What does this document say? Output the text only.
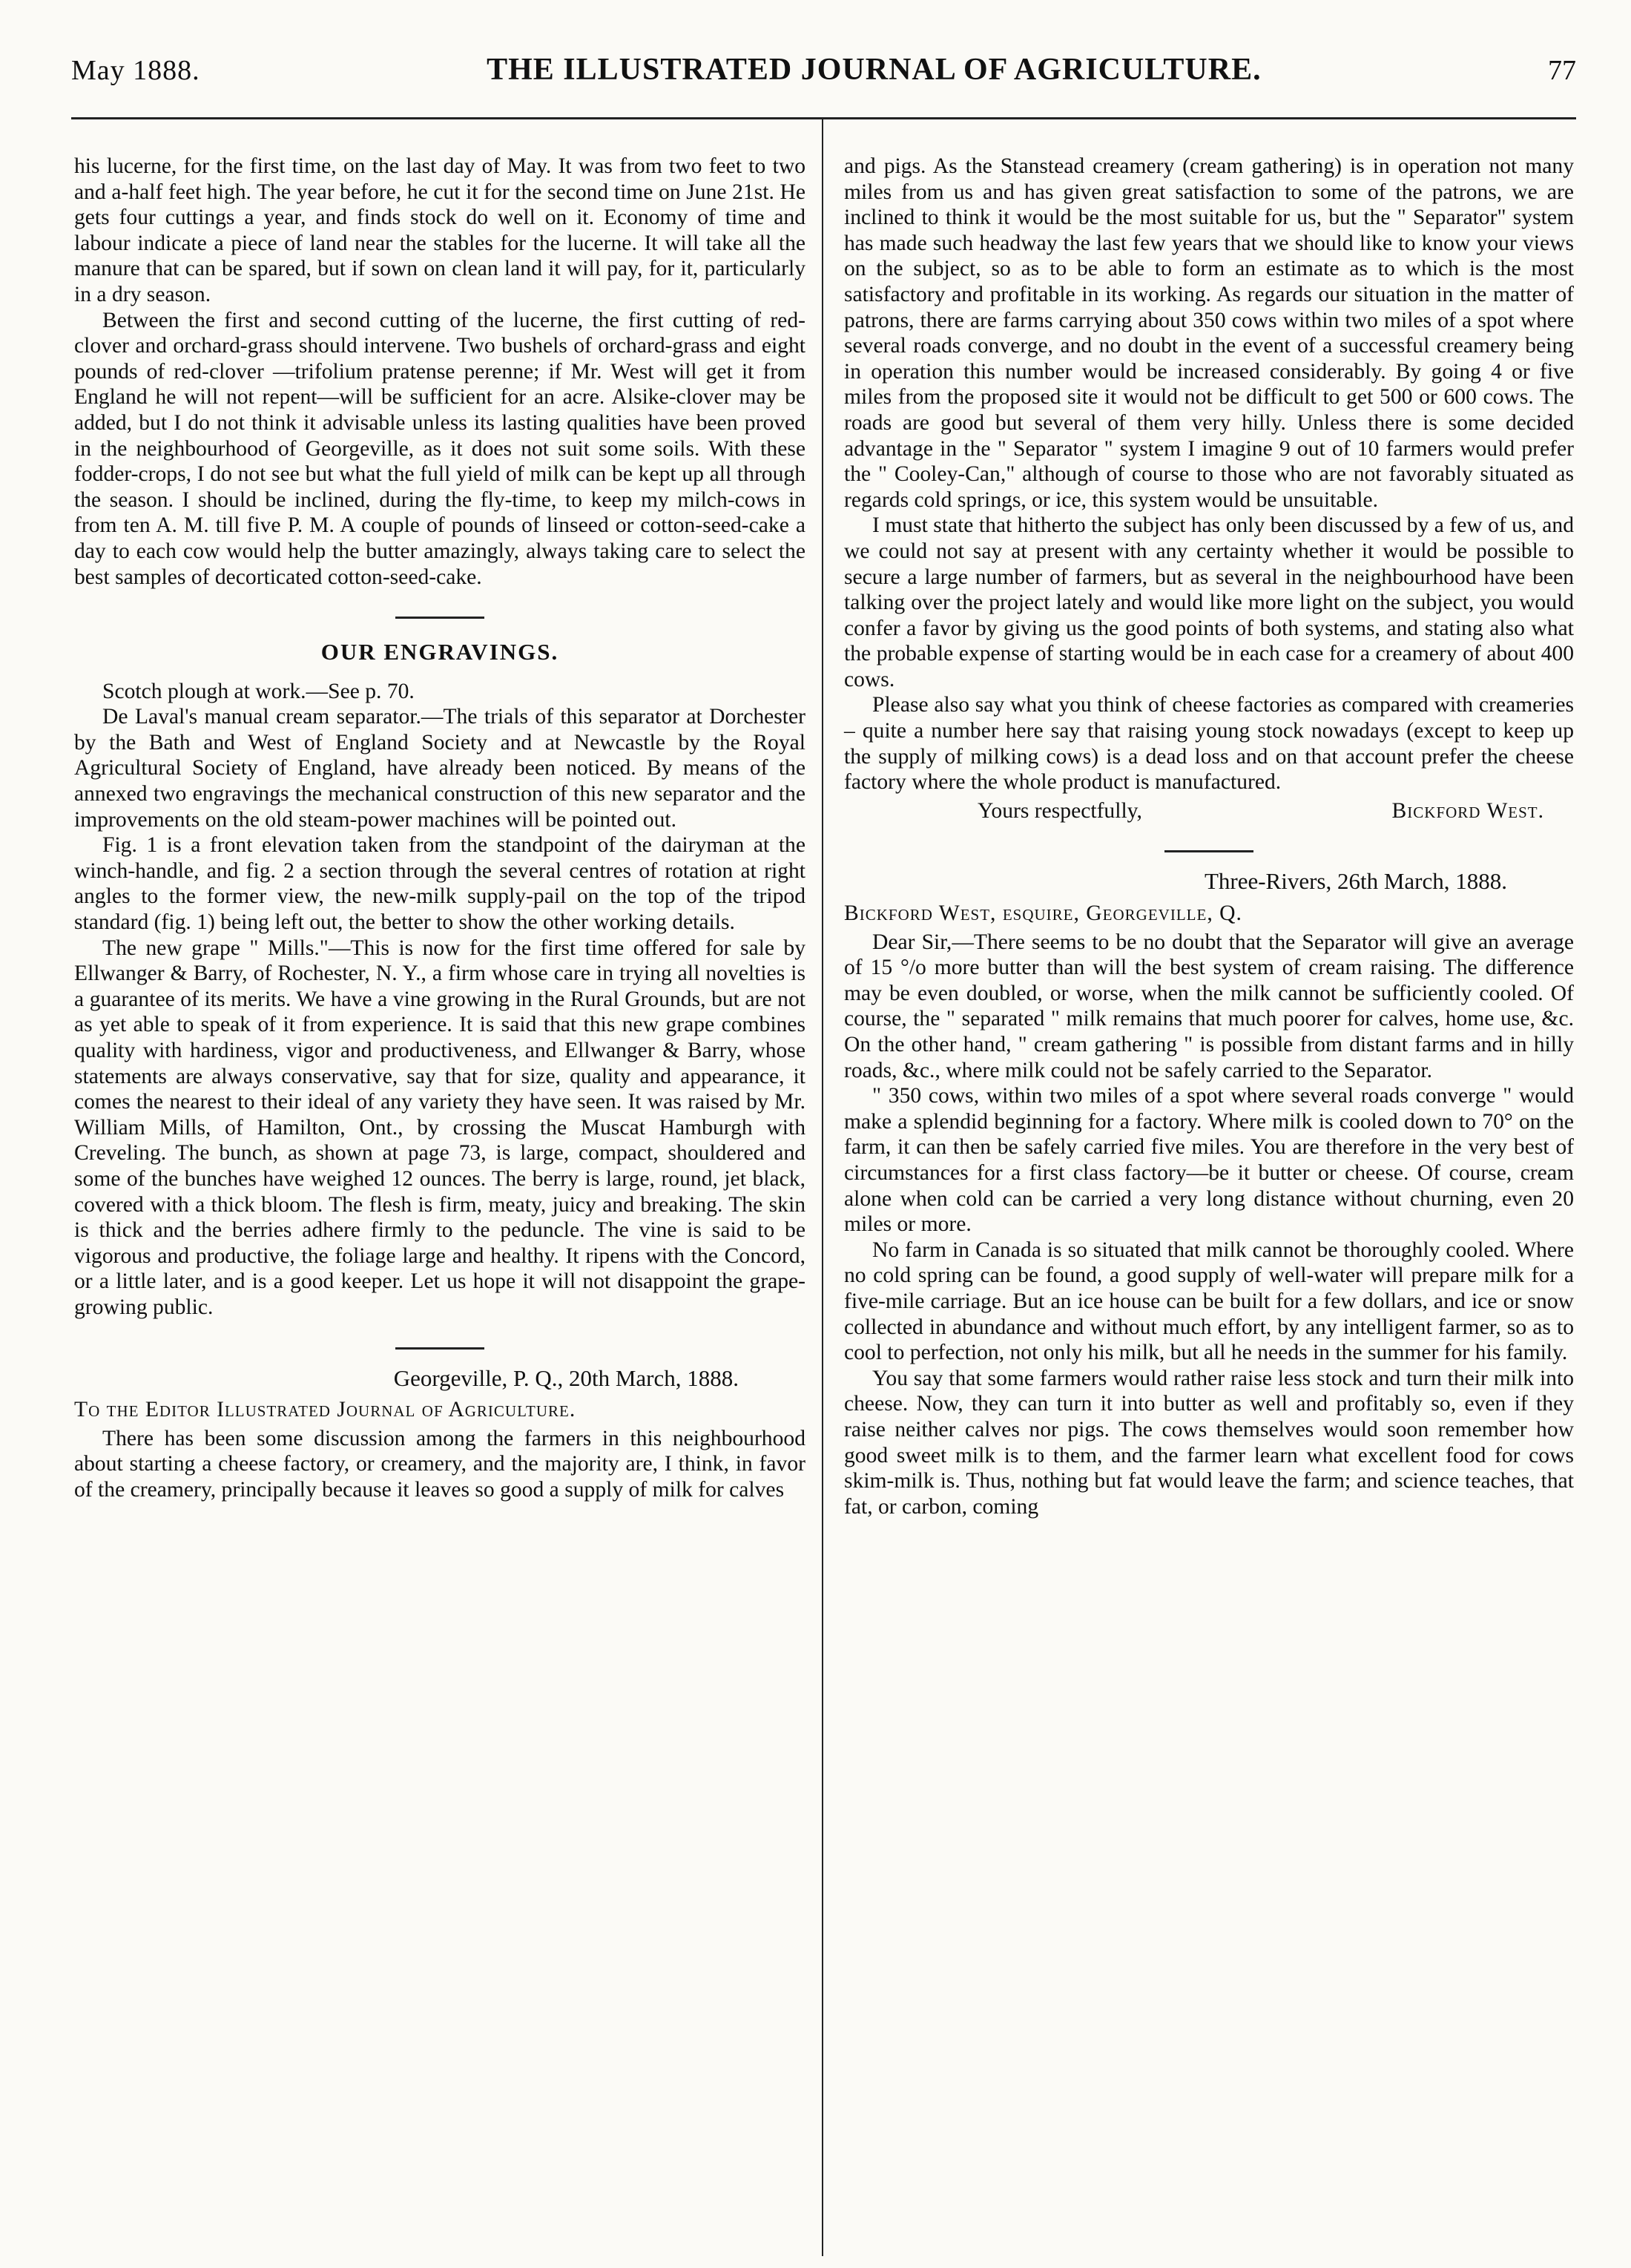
May 1888.	THE ILLUSTRATED JOURNAL OF AGRICULTURE.	77

his lucerne, for the first time, on the last day of May. It was from two feet to two and a-half feet high. The year before, he cut it for the second time on June 21st. He gets four cuttings a year, and finds stock do well on it. Economy of time and labour indicate a piece of land near the stables for the lucerne. It will take all the manure that can be spared, but if sown on clean land it will pay, for it, particularly in a dry season.

Between the first and second cutting of the lucerne, the first cutting of red-clover and orchard-grass should intervene. Two bushels of orchard-grass and eight pounds of red-clover —trifolium pratense perenne; if Mr. West will get it from England he will not repent—will be sufficient for an acre. Alsike-clover may be added, but I do not think it advisable unless its lasting qualities have been proved in the neighbourhood of Georgeville, as it does not suit some soils. With these fodder-crops, I do not see but what the full yield of milk can be kept up all through the season. I should be inclined, during the fly-time, to keep my milch-cows in from ten A. M. till five P. M. A couple of pounds of linseed or cotton-seed-cake a day to each cow would help the butter amazingly, always taking care to select the best samples of decorticated cotton-seed-cake.

OUR ENGRAVINGS.

Scotch plough at work.—See p. 70.

De Laval's manual cream separator.—The trials of this separator at Dorchester by the Bath and West of England Society and at Newcastle by the Royal Agricultural Society of England, have already been noticed. By means of the annexed two engravings the mechanical construction of this new separator and the improvements on the old steam-power machines will be pointed out.

Fig. 1 is a front elevation taken from the standpoint of the dairyman at the winch-handle, and fig. 2 a section through the several centres of rotation at right angles to the former view, the new-milk supply-pail on the top of the tripod standard (fig. 1) being left out, the better to show the other working details.

The new grape " Mills."—This is now for the first time offered for sale by Ellwanger & Barry, of Rochester, N. Y., a firm whose care in trying all novelties is a guarantee of its merits. We have a vine growing in the Rural Grounds, but are not as yet able to speak of it from experience. It is said that this new grape combines quality with hardiness, vigor and productiveness, and Ellwanger & Barry, whose statements are always conservative, say that for size, quality and appearance, it comes the nearest to their ideal of any variety they have seen. It was raised by Mr. William Mills, of Hamilton, Ont., by crossing the Muscat Hamburgh with Creveling. The bunch, as shown at page 73, is large, compact, shouldered and some of the bunches have weighed 12 ounces. The berry is large, round, jet black, covered with a thick bloom. The flesh is firm, meaty, juicy and breaking. The skin is thick and the berries adhere firmly to the peduncle. The vine is said to be vigorous and productive, the foliage large and healthy. It ripens with the Concord, or a little later, and is a good keeper. Let us hope it will not disappoint the grape-growing public.

Georgeville, P. Q., 20th March, 1888.

To the Editor Illustrated Journal of Agriculture.

There has been some discussion among the farmers in this neighbourhood about starting a cheese factory, or creamery, and the majority are, I think, in favor of the creamery, principally because it leaves so good a supply of milk for calves

and pigs. As the Stanstead creamery (cream gathering) is in operation not many miles from us and has given great satisfaction to some of the patrons, we are inclined to think it would be the most suitable for us, but the " Separator" system has made such headway the last few years that we should like to know your views on the subject, so as to be able to form an estimate as to which is the most satisfactory and profitable in its working. As regards our situation in the matter of patrons, there are farms carrying about 350 cows within two miles of a spot where several roads converge, and no doubt in the event of a successful creamery being in operation this number would be increased considerably. By going 4 or five miles from the proposed site it would not be difficult to get 500 or 600 cows. The roads are good but several of them very hilly. Unless there is some decided advantage in the " Separator " system I imagine 9 out of 10 farmers would prefer the " Cooley-Can," although of course to those who are not favorably situated as regards cold springs, or ice, this system would be unsuitable.

I must state that hitherto the subject has only been discussed by a few of us, and we could not say at present with any certainty whether it would be possible to secure a large number of farmers, but as several in the neighbourhood have been talking over the project lately and would like more light on the subject, you would confer a favor by giving us the good points of both systems, and stating also what the probable expense of starting would be in each case for a creamery of about 400 cows.

Please also say what you think of cheese factories as compared with creameries – quite a number here say that raising young stock nowadays (except to keep up the supply of milking cows) is a dead loss and on that account prefer the cheese factory where the whole product is manufactured.

Yours respectfully,	Bickford West.
Three-Rivers, 26th March, 1888.

Bickford West, esquire, Georgeville, Q.

Dear Sir,—There seems to be no doubt that the Separator will give an average of 15 °/o more butter than will the best system of cream raising. The difference may be even doubled, or worse, when the milk cannot be sufficiently cooled. Of course, the " separated " milk remains that much poorer for calves, home use, &c. On the other hand, " cream gathering " is possible from distant farms and in hilly roads, &c., where milk could not be safely carried to the Separator.

" 350 cows, within two miles of a spot where several roads converge " would make a splendid beginning for a factory. Where milk is cooled down to 70° on the farm, it can then be safely carried five miles. You are therefore in the very best of circumstances for a first class factory—be it butter or cheese. Of course, cream alone when cold can be carried a very long distance without churning, even 20 miles or more.

No farm in Canada is so situated that milk cannot be thoroughly cooled. Where no cold spring can be found, a good supply of well-water will prepare milk for a five-mile carriage. But an ice house can be built for a few dollars, and ice or snow collected in abundance and without much effort, by any intelligent farmer, so as to cool to perfection, not only his milk, but all he needs in the summer for his family.

You say that some farmers would rather raise less stock and turn their milk into cheese. Now, they can turn it into butter as well and profitably so, even if they raise neither calves nor pigs. The cows themselves would soon remember how good sweet milk is to them, and the farmer learn what excellent food for cows skim-milk is. Thus, nothing but fat would leave the farm; and science teaches, that fat, or carbon, coming
